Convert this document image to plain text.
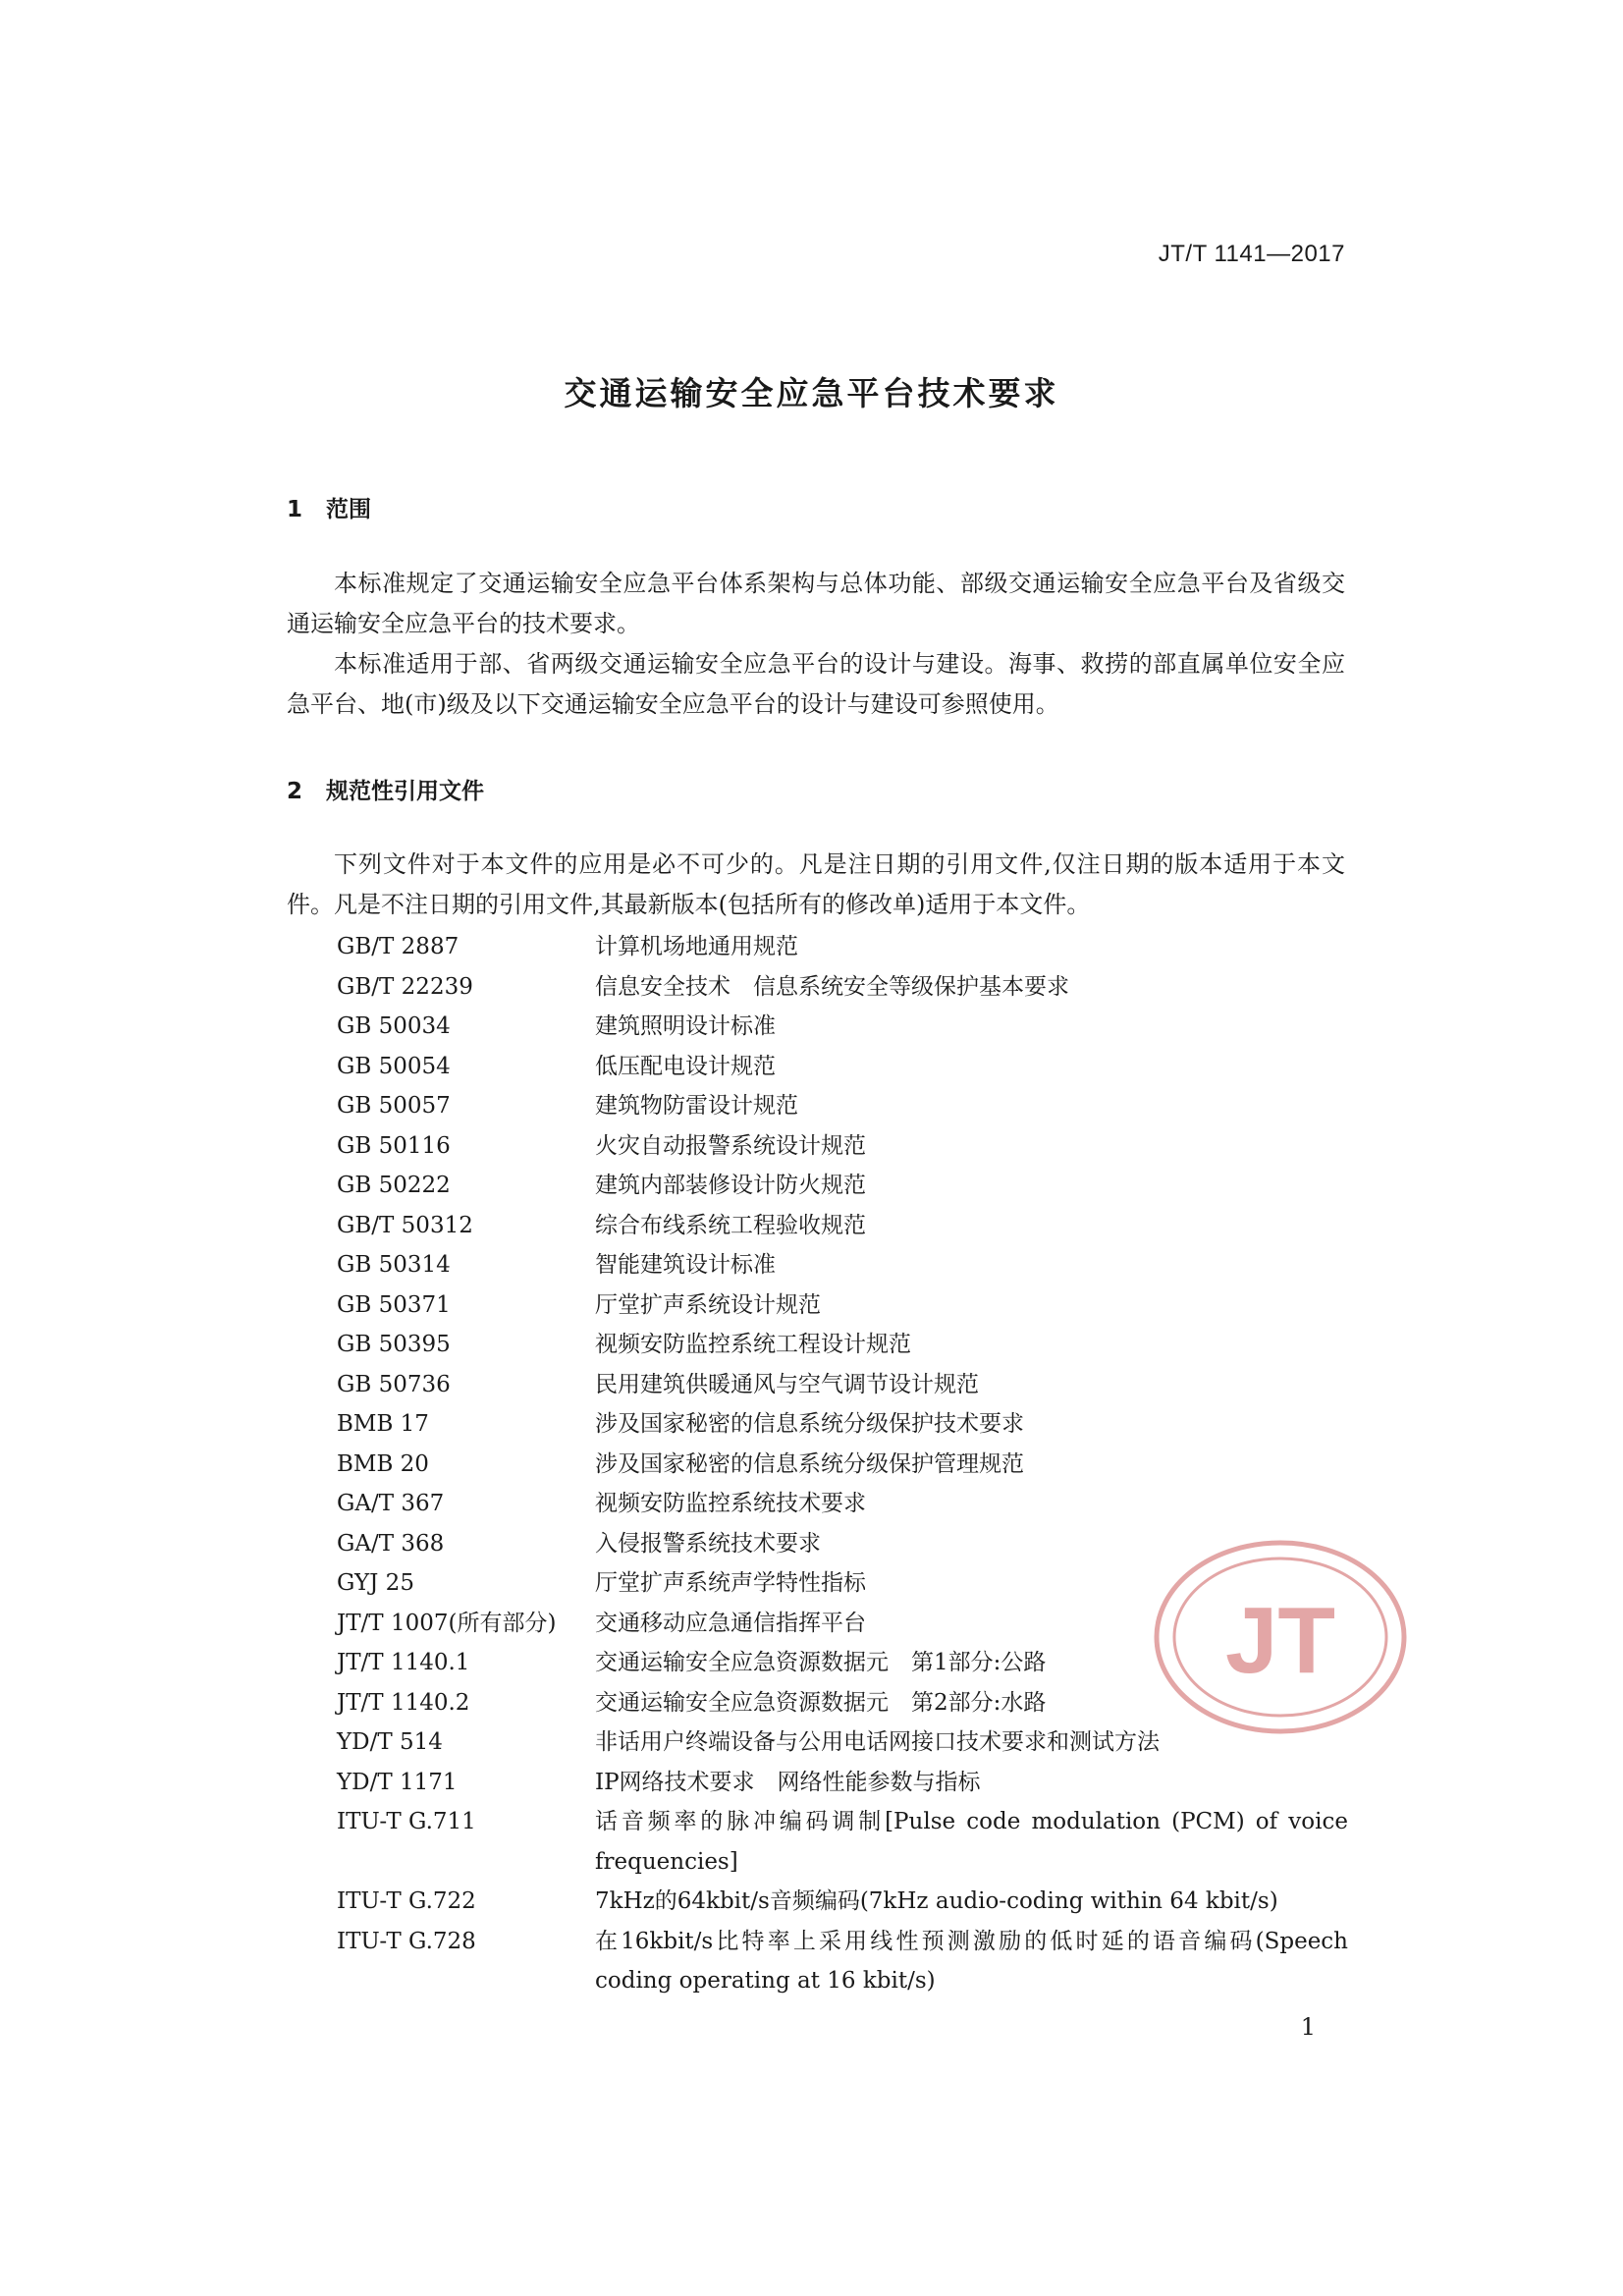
JT/T 1141—2017
交通运输安全应急平台技术要求
1 范围
本标准规定了交通运输安全应急平台体系架构与总体功能、部级交通运输安全应急平台及省级交通运输安全应急平台的技术要求。
本标准适用于部、省两级交通运输安全应急平台的设计与建设。海事、救捞的部直属单位安全应急平台、地(市)级及以下交通运输安全应急平台的设计与建设可参照使用。
2 规范性引用文件
下列文件对于本文件的应用是必不可少的。凡是注日期的引用文件,仅注日期的版本适用于本文件。凡是不注日期的引用文件,其最新版本(包括所有的修改单)适用于本文件。
GB/T 2887	计算机场地通用规范
GB/T 22239	信息安全技术　信息系统安全等级保护基本要求
GB 50034	建筑照明设计标准
GB 50054	低压配电设计规范
GB 50057	建筑物防雷设计规范
GB 50116	火灾自动报警系统设计规范
GB 50222	建筑内部装修设计防火规范
GB/T 50312	综合布线系统工程验收规范
GB 50314	智能建筑设计标准
GB 50371	厅堂扩声系统设计规范
GB 50395	视频安防监控系统工程设计规范
GB 50736	民用建筑供暖通风与空气调节设计规范
BMB 17	涉及国家秘密的信息系统分级保护技术要求
BMB 20	涉及国家秘密的信息系统分级保护管理规范
GA/T 367	视频安防监控系统技术要求
GA/T 368	入侵报警系统技术要求
GYJ 25	厅堂扩声系统声学特性指标
JT/T 1007(所有部分)	交通移动应急通信指挥平台
JT/T 1140.1	交通运输安全应急资源数据元　第1部分:公路
JT/T 1140.2	交通运输安全应急资源数据元　第2部分:水路
YD/T 514	非话用户终端设备与公用电话网接口技术要求和测试方法
YD/T 1171	IP网络技术要求　网络性能参数与指标
ITU-T G.711	话音频率的脉冲编码调制[Pulse code modulation (PCM) of voice frequencies]
ITU-T G.722	7kHz的64kbit/s音频编码(7kHz audio-coding within 64 kbit/s)
ITU-T G.728	在16kbit/s比特率上采用线性预测激励的低时延的语音编码(Speech coding operating at 16 kbit/s)
1
JT
